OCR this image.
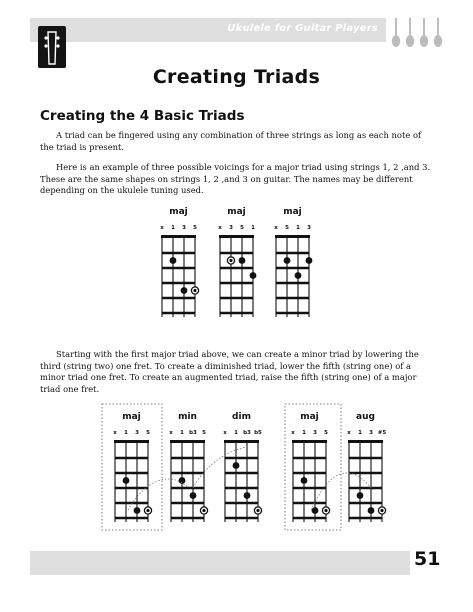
Ukulele for Guitar Players
Creating Triads
Creating the 4 Basic Triads

A triad can be fingered using any combination of three strings as long as each note of the triad is present.

Here is an example of three possible voicings for a major triad using strings 1, 2 ,and 3. These are the same shapes on strings 1, 2 ,and 3 on guitar. The names may be different depending on the ukulele tuning used.

maj
x 1 3 5
maj
x 3 5 1
maj
x 5 1 3

Starting with the first major triad above, we can create a minor triad by lowering the third (string two) one fret. To create a diminished triad, lower the fifth (string one) of a minor triad one fret. To create an augmented triad, raise the fifth (string one) of a major triad one fret.

maj
x 1 3 5
min
x 1 b3 5
dim
x 1 b3 b5
maj
x 1 3 5
aug
x 1 3 #5
51
